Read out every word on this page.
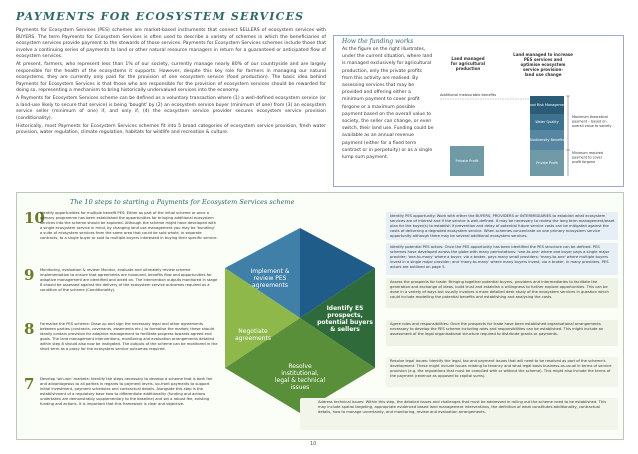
PAYMENTS FOR ECOSYSTEM SERVICES

Payments for Ecosystem Services (PES) schemes are market-based instruments that connect SELLERS of ecosystem services with BUYERS. The term Payments for Ecosystem Services is often used to describe a variety of schemes in which the beneficiaries of ecosystem services provide payment to the stewards of those services. Payments for Ecosystem Services schemes include those that involve a continuing series of payments to land or other natural resource managers in return for a guaranteed or anticipated flow of ecosystem services.

At present, farmers, who represent less than 1% of our society, currently manage nearly 80% of our countryside and are largely responsible for the health of the ecosystems it supports. However, despite this key role for farmers in managing our natural ecosystems, they are currently only paid for the provision of one ecosystem service (food production). The basic idea behind Payments for Ecosystem Services is that those who are responsible for the provision of ecosystem services should be rewarded for doing so, representing a mechanism to bring historically undervalued services into the economy.

A Payments for Ecosystem Services scheme can be defined as a voluntary transaction where (1) a well-defined ecosystem service (or a land-use likely to secure that service) is being 'bought' by (2) an ecosystem service buyer (minimum of one) from (3) an ecosystem service seller (minimum of one) if, and only if, (4) the ecosystem service provider secures ecosystem service provision (conditionality).

Historically, most Payments for Ecosystem Services schemes fit into 5 broad categories of ecosystem service provision, fresh water provision, water regulation, climate regulation, habitats for wildlife and recreation & culture.

How the funding works
As the figure on the right illustrates, under the current situation, where land is managed exclusively for agricultural production, only the private profits from this activity are realised. By assessing services that may be provided and offering either a minimum payment to cover profit forgone or a maximum possible payment based on the overall value to society, the seller can change, or even switch, their land use. Funding could be available as an annual revenue payment (either for a fixed term contract or in perpetuity) or as a single lump sum payment.
Land managed for agricultural production
Land managed to increase PES services and optimise ecosystem service provision-land use change
Additional measurable benefits
Private Profit
Flood Risk Management
Water Quality
Biodiversity Benefits
Private Profit
Maximum theoretical payment – based on overall value to society
Minimum required payment to cover profit forgone
The 10 steps to starting a Payments for Ecosystem Services scheme
10
Identify opportunities for multiple benefit PES: Either as part of the initial scheme or once a primary programme has been established the opportunities for bringing additional ecosystem services into the scheme should be explored. Although the scheme might have developed with a single ecosystem service in mind, by changing land use management you may be 'bundling' a suite of ecosystem services from the same area that could be sold whole, in separate contracts, to a single buyer or sold to multiple buyers interested in buying their specific service.
9 Monitoring, evaluation & review: Monitor, evaluate and ultimately review scheme implementation to ensure that agreements are honoured, benefits flow and opportunities for adaptive management are identified and acted on. The intervention outputs monitored in stage 8 should be assessed against the delivery of the ecosystem service outcomes required as a condition of the scheme (Conditionality).
8 Formalise the PES scheme: Draw up and sign the necessary legal and other agreements between parties (contracts, covenants, easements etc.) to formalise the market; these should ideally contain provision for adaptive management to facilitate progress towards agreed end goals. The land management interventions, monitoring and evaluation arrangements detailed within step 8 should also now be instigated. The outputs of the scheme can be monitored in the short term as a proxy for the ecosystem service outcomes required.
7 Develop 'win-win' markets: Identify the steps necessary to develop a scheme that is both fair and advantageous to all parties in regards to payment levels, up-front payments to support initial investment, payment schedules and contractual details. Alongside this step is the establishment of a regulatory base how to differentiate additionality (funding and actions undertaken are demonstrably supplementary to the baseline) and set a robust fee, existing funding and actions. It is important that this framework is clear and objective.
Implement & review PES agreements
Identify ES prospects, potential buyers & sellers
Negotiate agreements
Resolve institutional, legal & technical issues
Identify PES opportunity: Work with either the BUYERS, PROVIDERS or INTERMEDIARIES to establish what ecosystem services are of interest and if the service is well-defined. It may be necessary to review the long term management/asset plan for the buyer(s) to establish if prevention and delay of potential future service costs can be mitigated against the costs of delivering a degraded ecosystem service. When schemes concentrate on one primary ecosystem service opportunity although there may be several additional ecosystem services.
Identify potential PES actors: Once the PES opportunity has been identified the PES structure can be defined. PES schemes have developed across the globe with many permutations: 'one-to-one' where one buyer pays a single major provider; 'one-to-many' where a buyer, via a broker, pays many small providers; 'many-to-one' where multiple buyers invest in a single major provider; and 'many-to-many' where many buyers invest, via a broker, in many providers. PES actors are outlined on page 5.
Assess the prospects for trade: Bringing together potential buyers, providers and intermediaries to facilitate the generation and exchange of ideas, build trust and establish a willingness to further explore opportunities. This can be done in a variety of ways but usually involves a more detailed desk study of the ecosystem services in question which could include modelling the potential benefits and establishing and analysing the costs.
Agree roles and responsibilities: Once the prospects for trade have been established organisational arrangements necessary to develop the PES scheme including roles and responsibilities can be established. This might include an assessment of the legal organisational structure required to distribute grants or payments.
Resolve legal issues: Identify the legal, tax and payment issues that will need to be resolved as part of the scheme's development. These might include issues relating to tenancy and what legal basis business-as-usual in terms of service provision (e.g. the regulations that must be complied with or without the scheme). This might also include the terms of the payment (revenue as opposed to capital sums).
Address technical issues: Within this step, the detailed issues and challenges that must be addressed in rolling out the scheme need to be established. This may include spatial targeting, appropriate evidenced based land management interventions, the definition of what constitutes additionality, contractual details, how to manage uncertainty, and monitoring, review and evaluation arrangements.
10
